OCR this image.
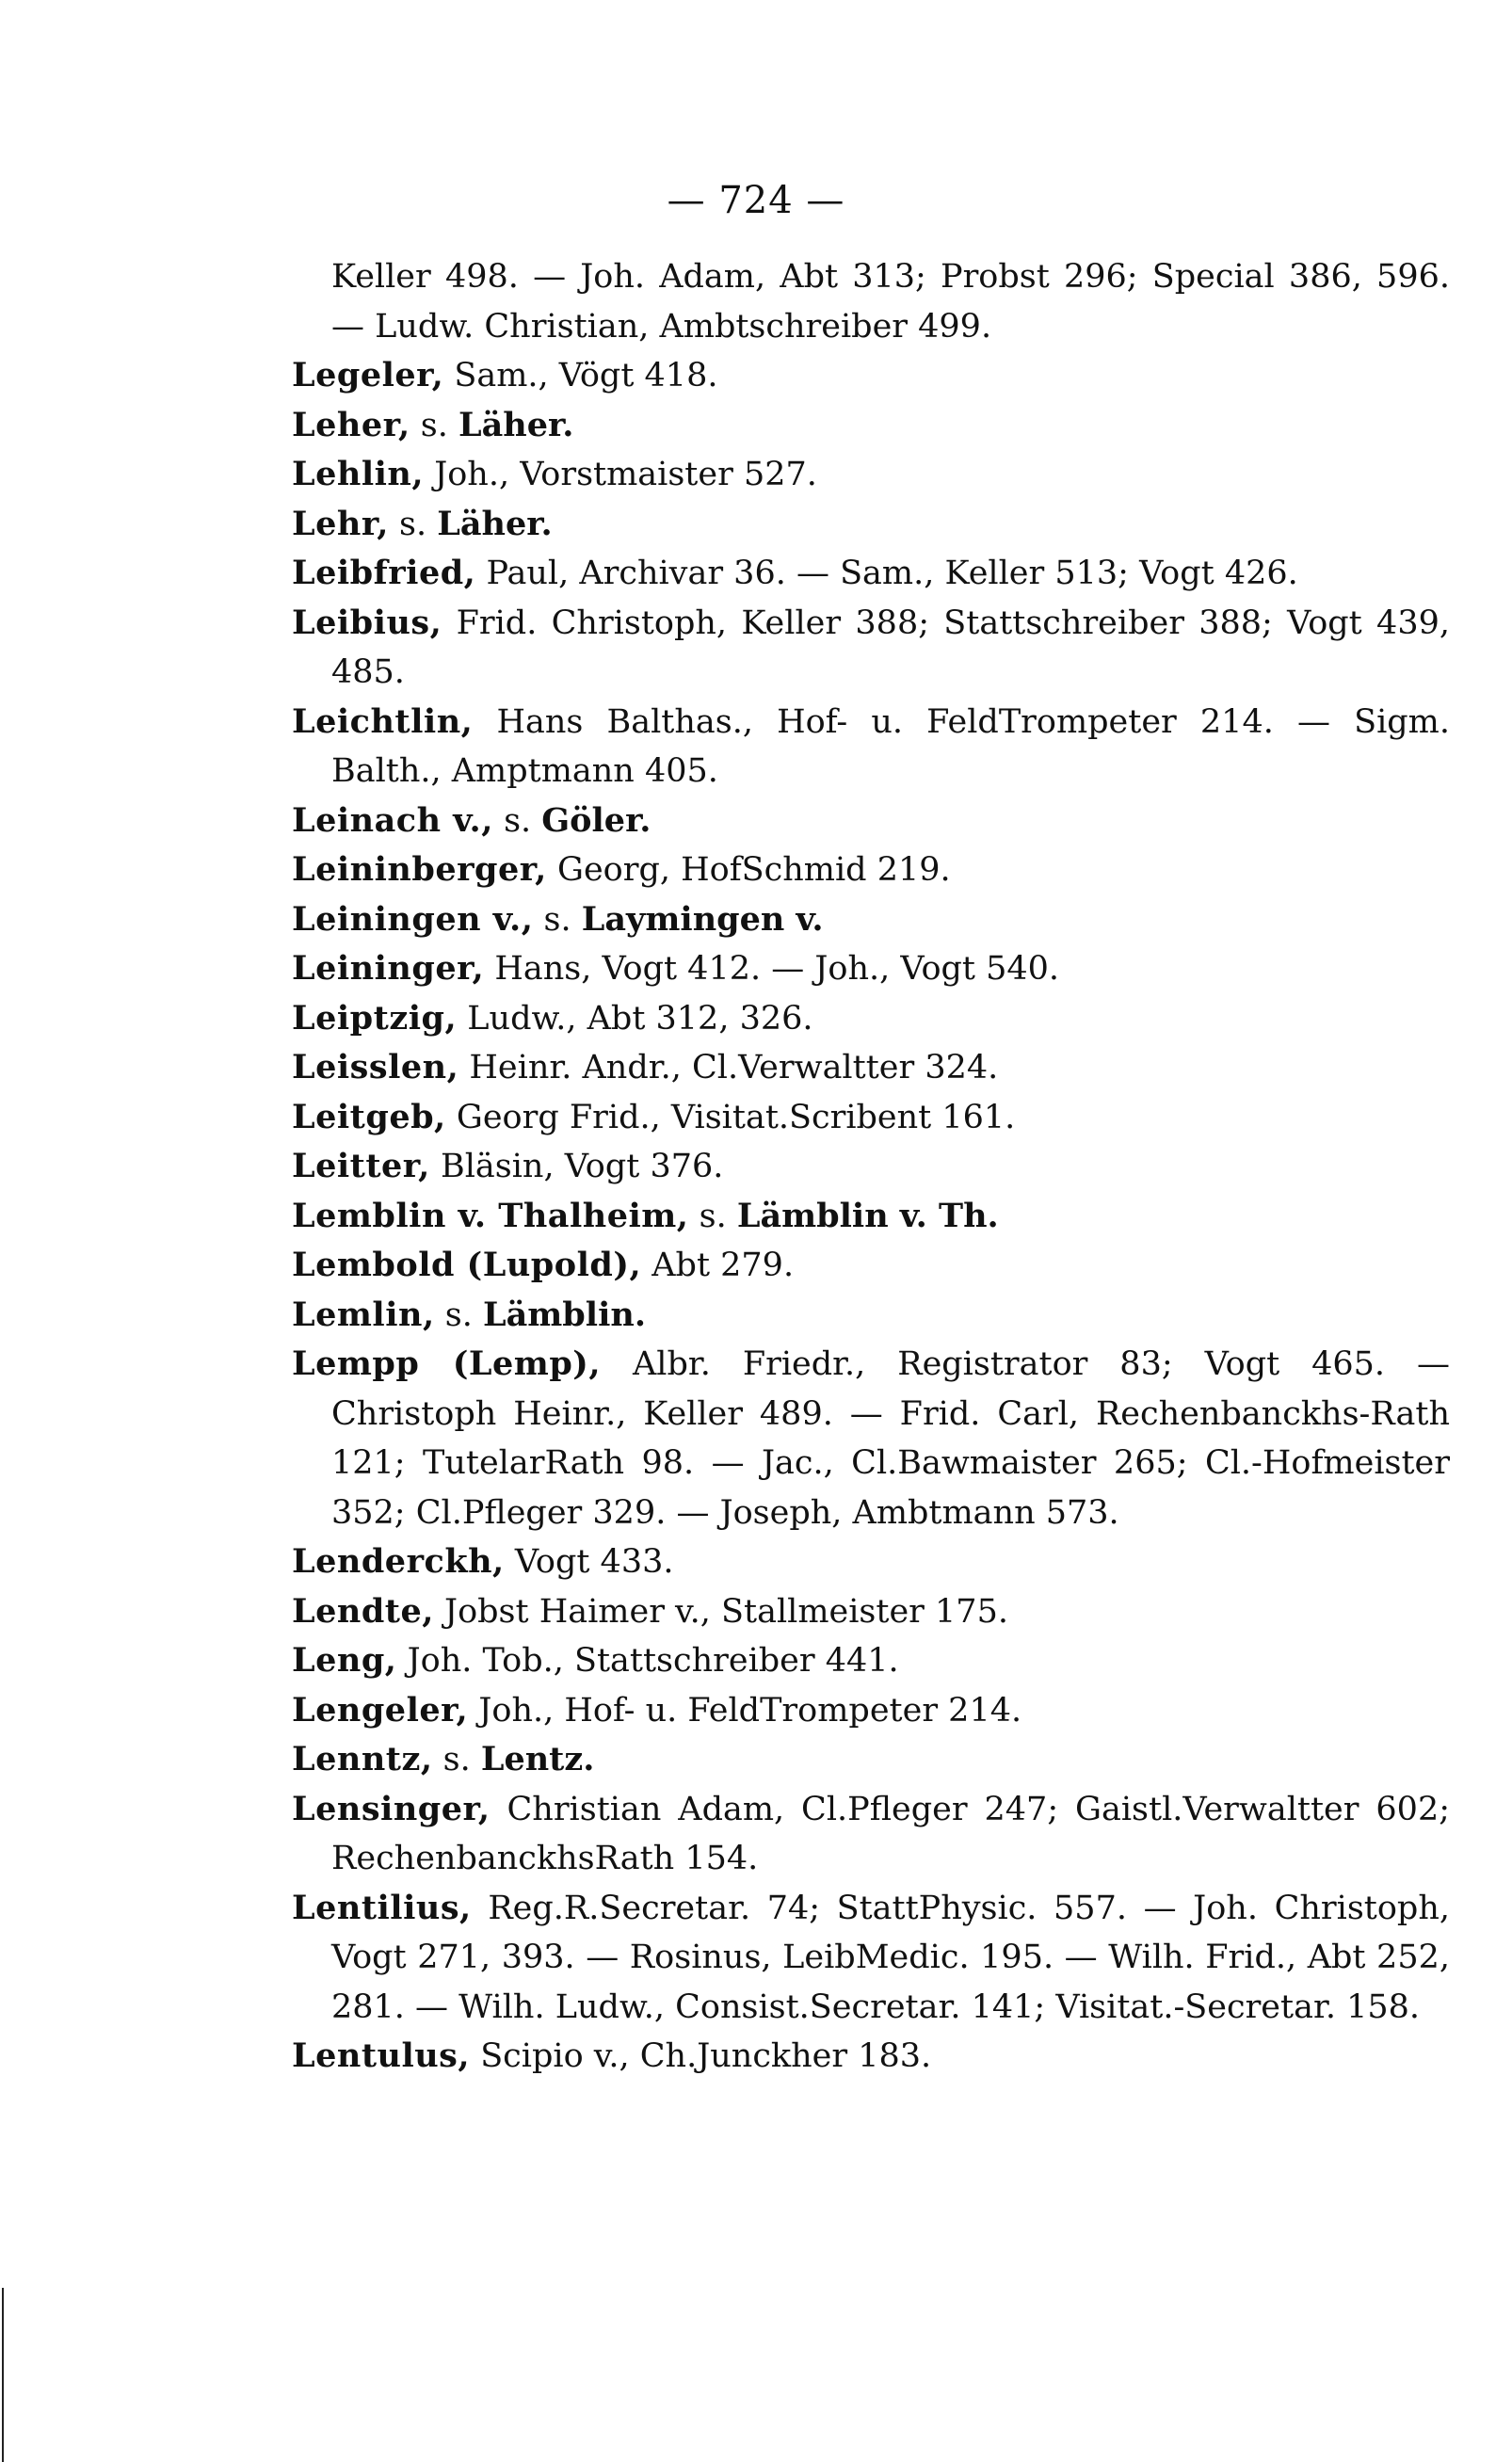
— 724 —
Keller 498. — Joh. Adam, Abt 313; Probst 296; Special 386, 596. — Ludw. Christian, Ambtschreiber 499.
Legeler, Sam., Vögt 418.
Leher, s. Läher.
Lehlin, Joh., Vorstmaister 527.
Lehr, s. Läher.
Leibfried, Paul, Archivar 36. — Sam., Keller 513; Vogt 426.
Leibius, Frid. Christoph, Keller 388; Stattschreiber 388; Vogt 439, 485.
Leichtlin, Hans Balthas., Hof- u. FeldTrompeter 214. — Sigm. Balth., Amptmann 405.
Leinach v., s. Göler.
Leininberger, Georg, HofSchmid 219.
Leiningen v., s. Laymingen v.
Leininger, Hans, Vogt 412. — Joh., Vogt 540.
Leiptzig, Ludw., Abt 312, 326.
Leisslen, Heinr. Andr., Cl.Verwaltter 324.
Leitgeb, Georg Frid., Visitat.Scribent 161.
Leitter, Bläsin, Vogt 376.
Lemblin v. Thalheim, s. Lämblin v. Th.
Lembold (Lupold), Abt 279.
Lemlin, s. Lämblin.
Lempp (Lemp), Albr. Friedr., Registrator 83; Vogt 465. — Christoph Heinr., Keller 489. — Frid. Carl, Rechenbanckhs-Rath 121; TutelarRath 98. — Jac., Cl.Bawmaister 265; Cl.-Hofmeister 352; Cl.Pfleger 329. — Joseph, Ambtmann 573.
Lenderckh, Vogt 433.
Lendte, Jobst Haimer v., Stallmeister 175.
Leng, Joh. Tob., Stattschreiber 441.
Lengeler, Joh., Hof- u. FeldTrompeter 214.
Lenntz, s. Lentz.
Lensinger, Christian Adam, Cl.Pfleger 247; Gaistl.Verwaltter 602; RechenbanckhsRath 154.
Lentilius, Reg.R.Secretar. 74; StattPhysic. 557. — Joh. Christoph, Vogt 271, 393. — Rosinus, LeibMedic. 195. — Wilh. Frid., Abt 252, 281. — Wilh. Ludw., Consist.Secretar. 141; Visitat.-Secretar. 158.
Lentulus, Scipio v., Ch.Junckher 183.
